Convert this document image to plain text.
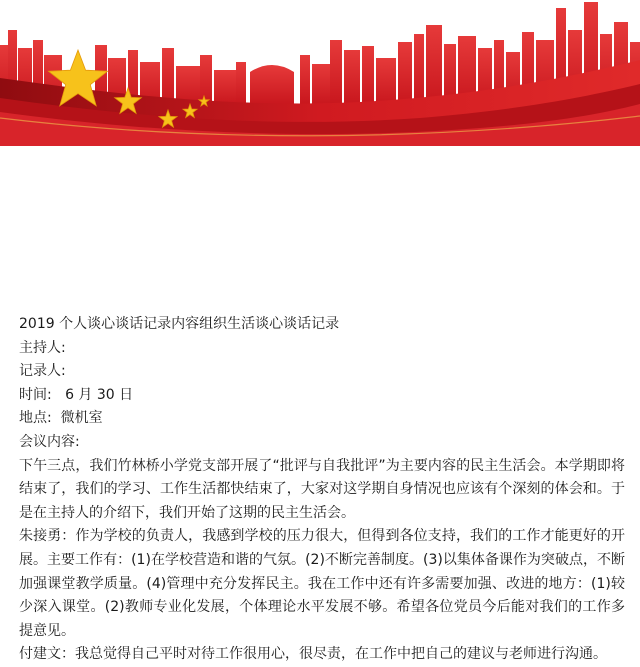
2019 个人谈心谈话记录内容组织生活谈心谈话记录

主持人:

记录人:

时间:   6 月 30 日

地点:  微机室

会议内容:

下午三点，我们竹林桥小学党支部开展了“批评与自我批评”为主要内容的民主生活会。本学期即将结束了，我们的学习、工作生活都快结束了，大家对这学期自身情况也应该有个深刻的体会和。于是在主持人的介绍下，我们开始了这期的民主生活会。

朱接勇：作为学校的负责人，我感到学校的压力很大，但得到各位支持，我们的工作才能更好的开展。主要工作有：(1)在学校营造和谐的气氛。(2)不断完善制度。(3)以集体备课作为突破点，不断加强课堂教学质量。(4)管理中充分发挥民主。我在工作中还有许多需要加强、改进的地方：(1)较少深入课堂。(2)教师专业化发展，个体理论水平发展不够。希望各位党员今后能对我们的工作多提意见。

付建文：我总觉得自己平时对待工作很用心，很尽责，在工作中把自己的建议与老师进行沟通。
